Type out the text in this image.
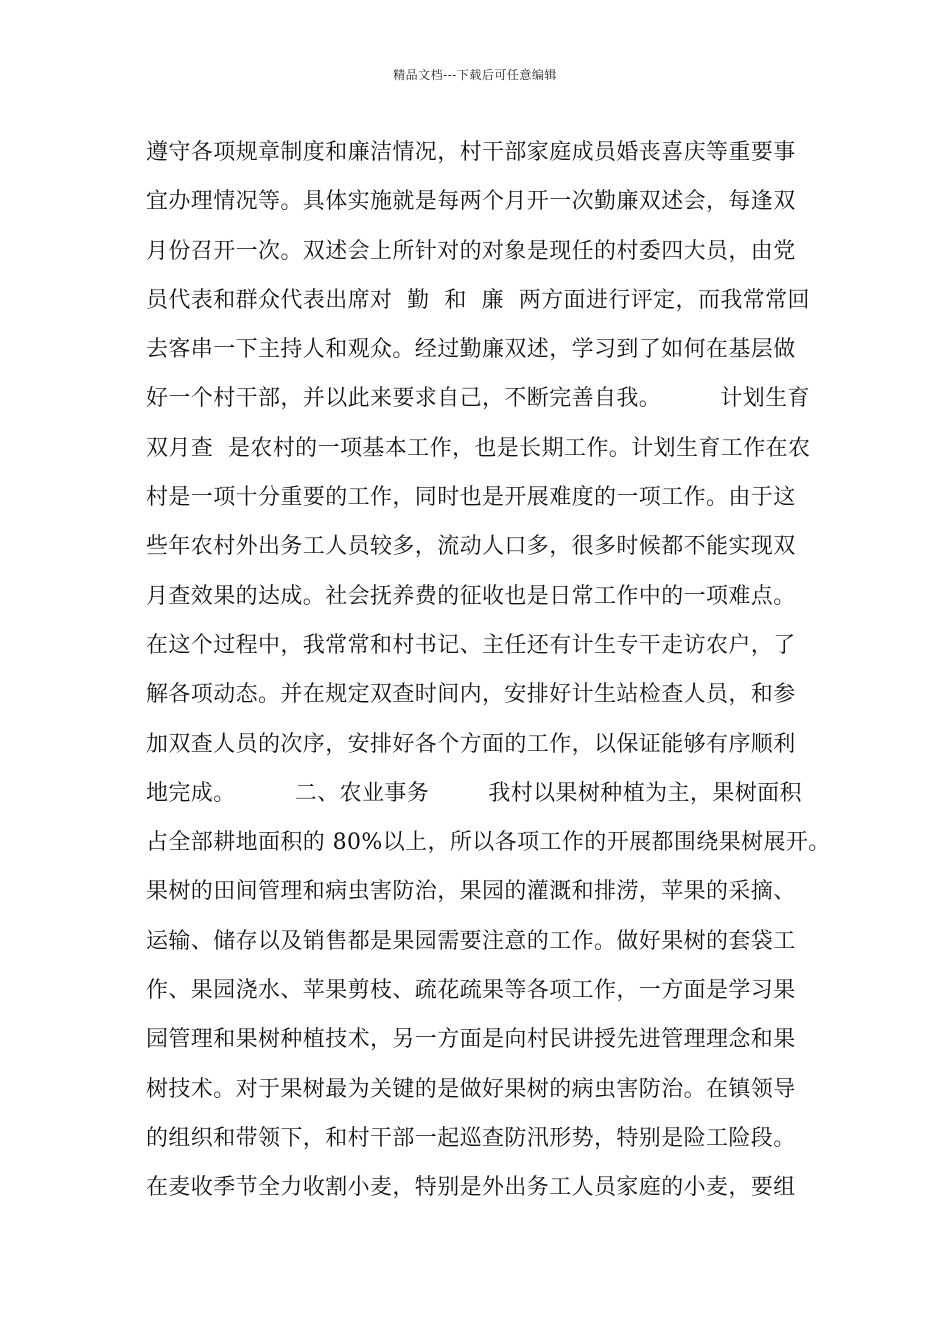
精品文档---下载后可任意编辑
遵守各项规章制度和廉洁情况，村干部家庭成员婚丧喜庆等重要事
宜办理情况等。具体实施就是每两个月开一次勤廉双述会，每逢双
月份召开一次。双述会上所针对的对象是现任的村委四大员，由党
员代表和群众代表出席对  勤  和  廉  两方面进行评定，而我常常回
去客串一下主持人和观众。经过勤廉双述，学习到了如何在基层做
好一个村干部，并以此来要求自己，不断完善自我。        计划生育
双月查  是农村的一项基本工作，也是长期工作。计划生育工作在农
村是一项十分重要的工作，同时也是开展难度的一项工作。由于这
些年农村外出务工人员较多，流动人口多，很多时候都不能实现双
月查效果的达成。社会抚养费的征收也是日常工作中的一项难点。
在这个过程中，我常常和村书记、主任还有计生专干走访农户，了
解各项动态。并在规定双查时间内，安排好计生站检查人员，和参
加双查人员的次序，安排好各个方面的工作，以保证能够有序顺利
地完成。        二、农业事务        我村以果树种植为主，果树面积
占全部耕地面积的 80%以上，所以各项工作的开展都围绕果树展开。
果树的田间管理和病虫害防治，果园的灌溉和排涝，苹果的采摘、
运输、储存以及销售都是果园需要注意的工作。做好果树的套袋工
作、果园浇水、苹果剪枝、疏花疏果等各项工作，一方面是学习果
园管理和果树种植技术，另一方面是向村民讲授先进管理理念和果
树技术。对于果树最为关键的是做好果树的病虫害防治。在镇领导
的组织和带领下，和村干部一起巡查防汛形势，特别是险工险段。
在麦收季节全力收割小麦，特别是外出务工人员家庭的小麦，要组
